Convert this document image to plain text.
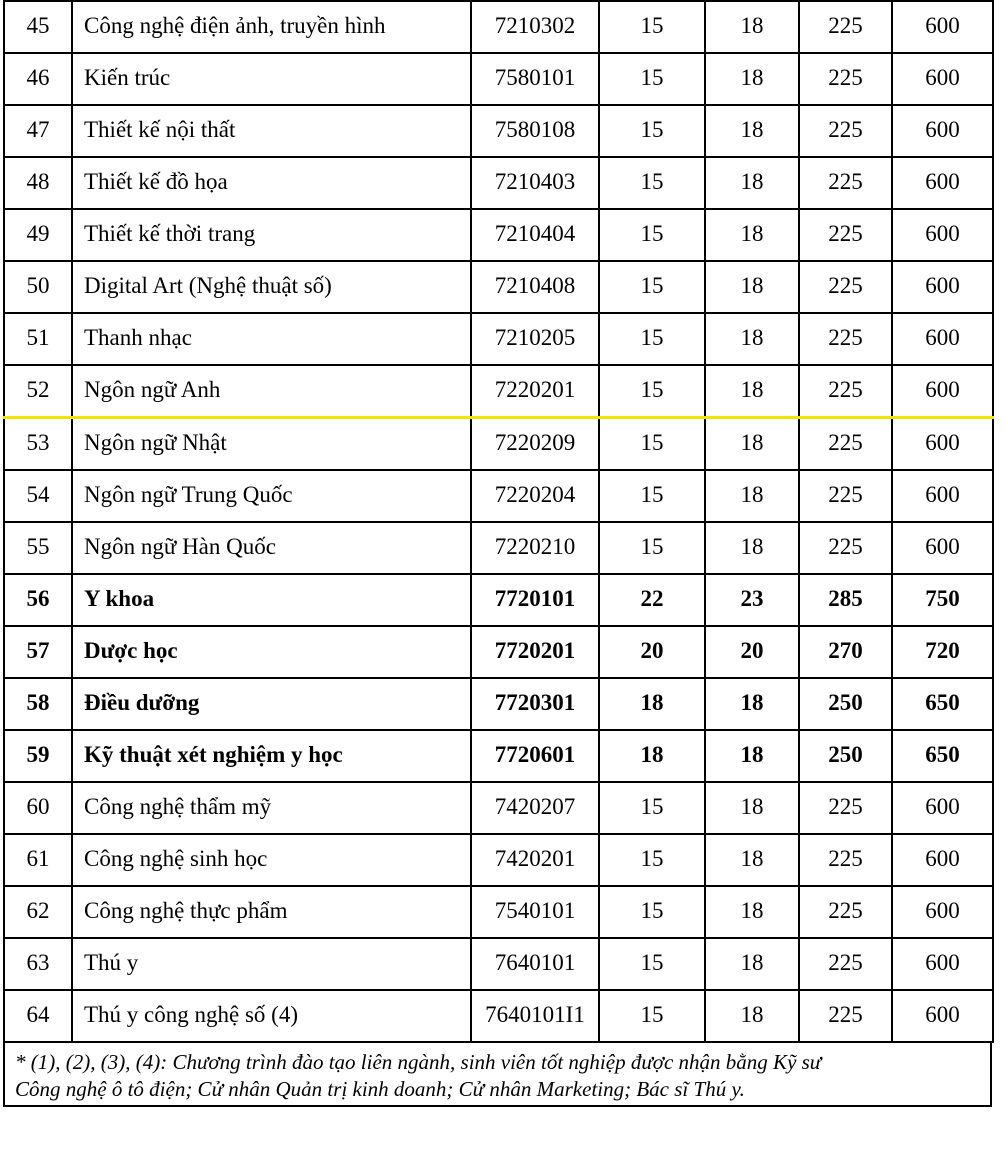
45	Công nghệ điện ảnh, truyền hình	7210302	15	18	225	600
46	Kiến trúc	7580101	15	18	225	600
47	Thiết kế nội thất	7580108	15	18	225	600
48	Thiết kế đồ họa	7210403	15	18	225	600
49	Thiết kế thời trang	7210404	15	18	225	600
50	Digital Art (Nghệ thuật số)	7210408	15	18	225	600
51	Thanh nhạc	7210205	15	18	225	600
52	Ngôn ngữ Anh	7220201	15	18	225	600
53	Ngôn ngữ Nhật	7220209	15	18	225	600
54	Ngôn ngữ Trung Quốc	7220204	15	18	225	600
55	Ngôn ngữ Hàn Quốc	7220210	15	18	225	600
56	Y khoa	7720101	22	23	285	750
57	Dược học	7720201	20	20	270	720
58	Điều dưỡng	7720301	18	18	250	650
59	Kỹ thuật xét nghiệm y học	7720601	18	18	250	650
60	Công nghệ thẩm mỹ	7420207	15	18	225	600
61	Công nghệ sinh học	7420201	15	18	225	600
62	Công nghệ thực phẩm	7540101	15	18	225	600
63	Thú y	7640101	15	18	225	600
64	Thú y công nghệ số (4)	7640101I1	15	18	225	600
* (1), (2), (3), (4): Chương trình đào tạo liên ngành, sinh viên tốt nghiệp được nhận bằng Kỹ sư
Công nghệ ô tô điện; Cử nhân Quản trị kinh doanh; Cử nhân Marketing; Bác sĩ Thú y.
